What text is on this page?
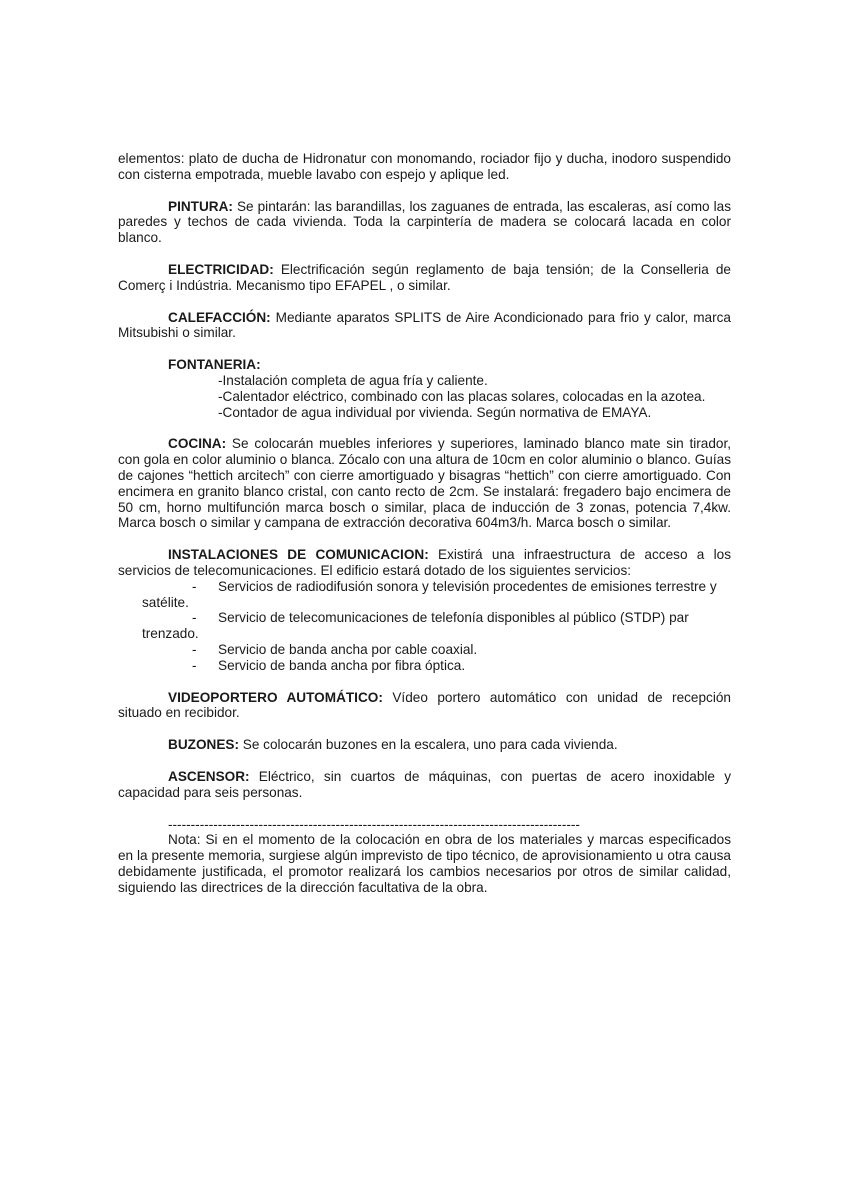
elementos: plato de ducha de Hidronatur con monomando, rociador fijo y ducha, inodoro suspendido con cisterna empotrada, mueble lavabo con espejo y aplique led.

PINTURA: Se pintarán: las barandillas, los zaguanes de entrada, las escaleras, así como las paredes y techos de cada vivienda. Toda la carpintería de madera se colocará lacada en color blanco.

ELECTRICIDAD: Electrificación según reglamento de baja tensión; de la Conselleria de Comerç i Indústria. Mecanismo tipo EFAPEL , o similar.

CALEFACCIÓN: Mediante aparatos SPLITS de Aire Acondicionado para frio y calor, marca Mitsubishi o similar.

FONTANERIA:
-Instalación completa de agua fría y caliente.
-Calentador eléctrico, combinado con las placas solares, colocadas en la azotea.
-Contador de agua individual por vivienda. Según normativa de EMAYA.

COCINA: Se colocarán muebles inferiores y superiores, laminado blanco mate sin tirador, con gola en color aluminio o blanca. Zócalo con una altura de 10cm en color aluminio o blanco. Guías de cajones “hettich arcitech” con cierre amortiguado y bisagras “hettich” con cierre amortiguado. Con encimera en granito blanco cristal, con canto recto de 2cm. Se instalará: fregadero bajo encimera de 50 cm, horno multifunción marca bosch o similar, placa de inducción de 3 zonas, potencia 7,4kw. Marca bosch o similar y campana de extracción decorativa 604m3/h. Marca bosch o similar.

INSTALACIONES DE COMUNICACION: Existirá una infraestructura de acceso a los servicios de telecomunicaciones. El edificio estará dotado de los siguientes servicios:

-	Servicios de radiodifusión sonora y televisión procedentes de emisiones terrestre y
satélite.
-	Servicio de telecomunicaciones de telefonía disponibles al público (STDP) par
trenzado.
-	Servicio de banda ancha por cable coaxial.
-	Servicio de banda ancha por fibra óptica.

VIDEOPORTERO AUTOMÁTICO: Vídeo portero automático con unidad de recepción situado en recibidor.

BUZONES: Se colocarán buzones en la escalera, uno para cada vivienda.

ASCENSOR: Eléctrico, sin cuartos de máquinas, con puertas de acero inoxidable y capacidad para seis personas.

-------------------------------------------------------------------------------------------

Nota: Si en el momento de la colocación en obra de los materiales y marcas especificados en la presente memoria, surgiese algún imprevisto de tipo técnico, de aprovisionamiento u otra causa debidamente justificada, el promotor realizará los cambios necesarios por otros de similar calidad, siguiendo las directrices de la dirección facultativa de la obra.
